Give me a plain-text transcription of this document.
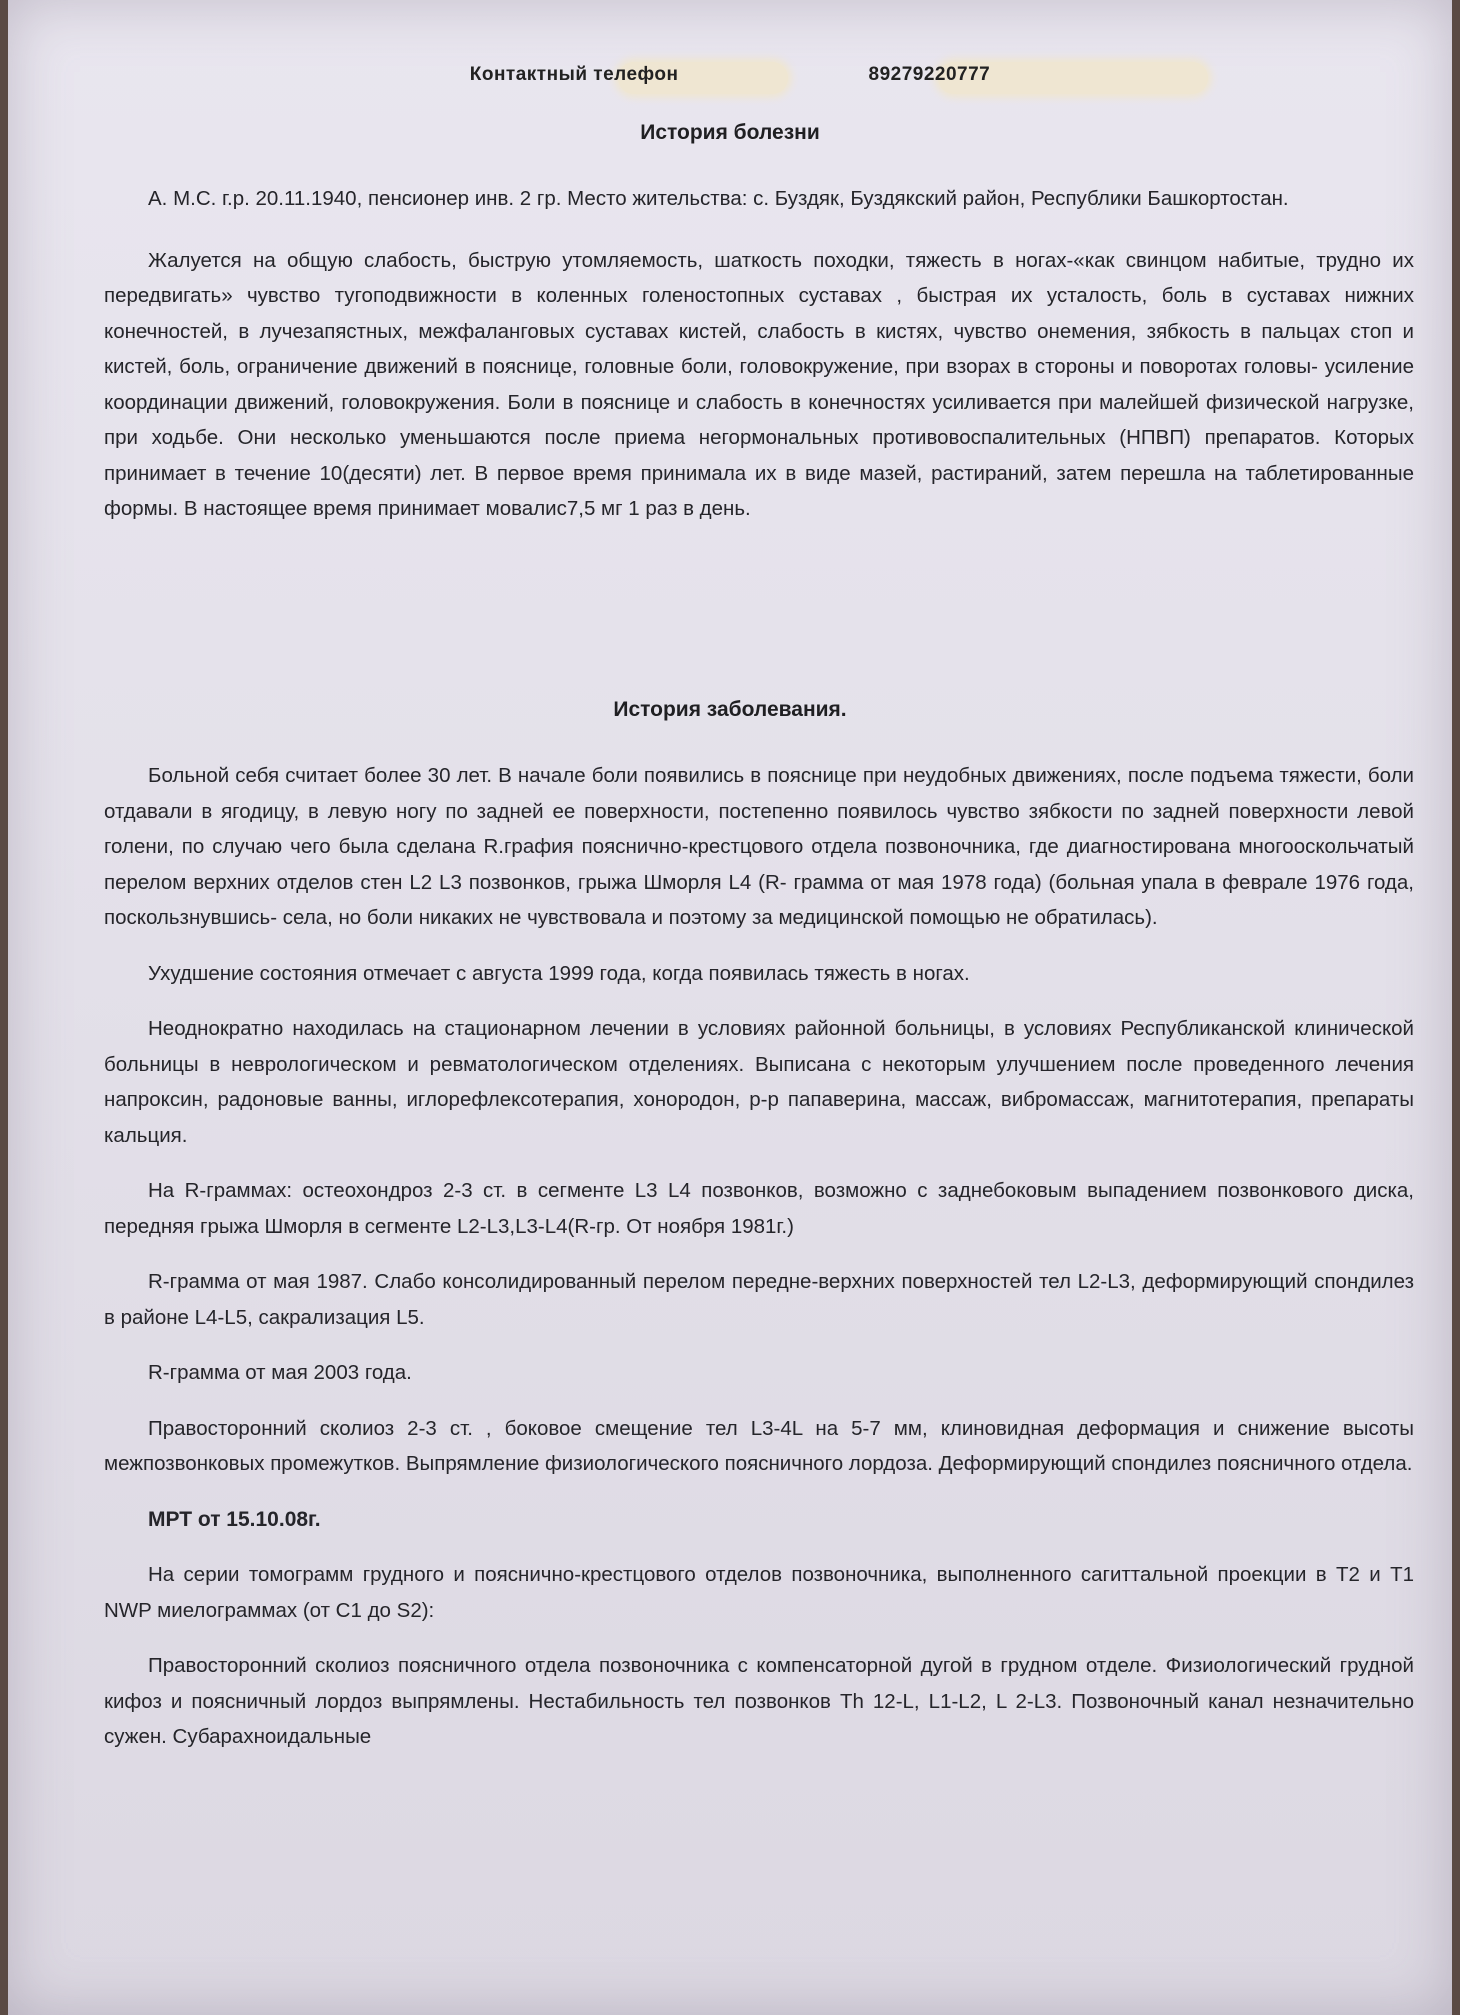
Контактный телефон	89279220777
История болезни

А. М.С. г.р. 20.11.1940, пенсионер инв. 2 гр. Место жительства: с. Буздяк, Буздякский район, Республики Башкортостан.

Жалуется на общую слабость, быструю утомляемость, шаткость походки, тяжесть в ногах-«как свинцом набитые, трудно их передвигать» чувство тугоподвижности в коленных голеностопных суставах , быстрая их усталость, боль в суставах нижних конечностей, в лучезапястных, межфаланговых суставах кистей, слабость в кистях, чувство онемения, зябкость в пальцах стоп и кистей, боль, ограничение движений в пояснице, головные боли, головокружение, при взорах в стороны и поворотах головы- усиление координации движений, головокружения. Боли в пояснице и слабость в конечностях усиливается при малейшей физической нагрузке, при ходьбе. Они несколько уменьшаются после приема негормональных противовоспалительных (НПВП) препаратов. Которых принимает в течение 10(десяти) лет. В первое время принимала их в виде мазей, растираний, затем перешла на таблетированные формы. В настоящее время принимает мовалис7,5 мг 1 раз в день.

История заболевания.

Больной себя считает более 30 лет. В начале боли появились в пояснице при неудобных движениях, после подъема тяжести, боли отдавали в ягодицу, в левую ногу по задней ее поверхности, постепенно появилось чувство зябкости по задней поверхности левой голени, по случаю чего была сделана R.графия пояснично-крестцового отдела позвоночника, где диагностирована многооскольчатый перелом верхних отделов стен L2 L3 позвонков, грыжа Шморля L4 (R- грамма от мая 1978 года) (больная упала в феврале 1976 года, поскользнувшись- села, но боли никаких не чувствовала и поэтому за медицинской помощью не обратилась).

Ухудшение состояния отмечает с августа 1999 года, когда появилась тяжесть в ногах.

Неоднократно находилась на стационарном лечении в условиях районной больницы, в условиях Республиканской клинической больницы в неврологическом и ревматологическом отделениях. Выписана с некоторым улучшением после проведенного лечения напроксин, радоновые ванны, иглорефлексотерапия, хонородон, р-р папаверина, массаж, вибромассаж, магнитотерапия, препараты кальция.

На R-граммах: остеохондроз 2-3 ст. в сегменте L3 L4 позвонков, возможно с заднебоковым выпадением позвонкового диска, передняя грыжа Шморля в сегменте L2-L3,L3-L4(R-гр. От ноября 1981г.)

R-грамма от мая 1987. Слабо консолидированный перелом передне-верхних поверхностей тел L2-L3, деформирующий спондилез в районе L4-L5, сакрализация L5.

R-грамма от мая 2003 года.

Правосторонний сколиоз 2-3 ст. , боковое смещение тел L3-4L на 5-7 мм, клиновидная деформация и снижение высоты межпозвонковых промежутков. Выпрямление физиологического поясничного лордоза. Деформирующий спондилез поясничного отдела.

МРТ от 15.10.08г.

На серии томограмм грудного и пояснично-крестцового отделов позвоночника, выполненного сагиттальной проекции в Т2 и Т1 NWP миелограммах (от С1 до S2):

Правосторонний сколиоз поясничного отдела позвоночника с компенсаторной дугой в грудном отделе. Физиологический грудной кифоз и поясничный лордоз выпрямлены. Нестабильность тел позвонков Th 12-L, L1-L2, L 2-L3. Позвоночный канал незначительно сужен. Субарахноидальные
